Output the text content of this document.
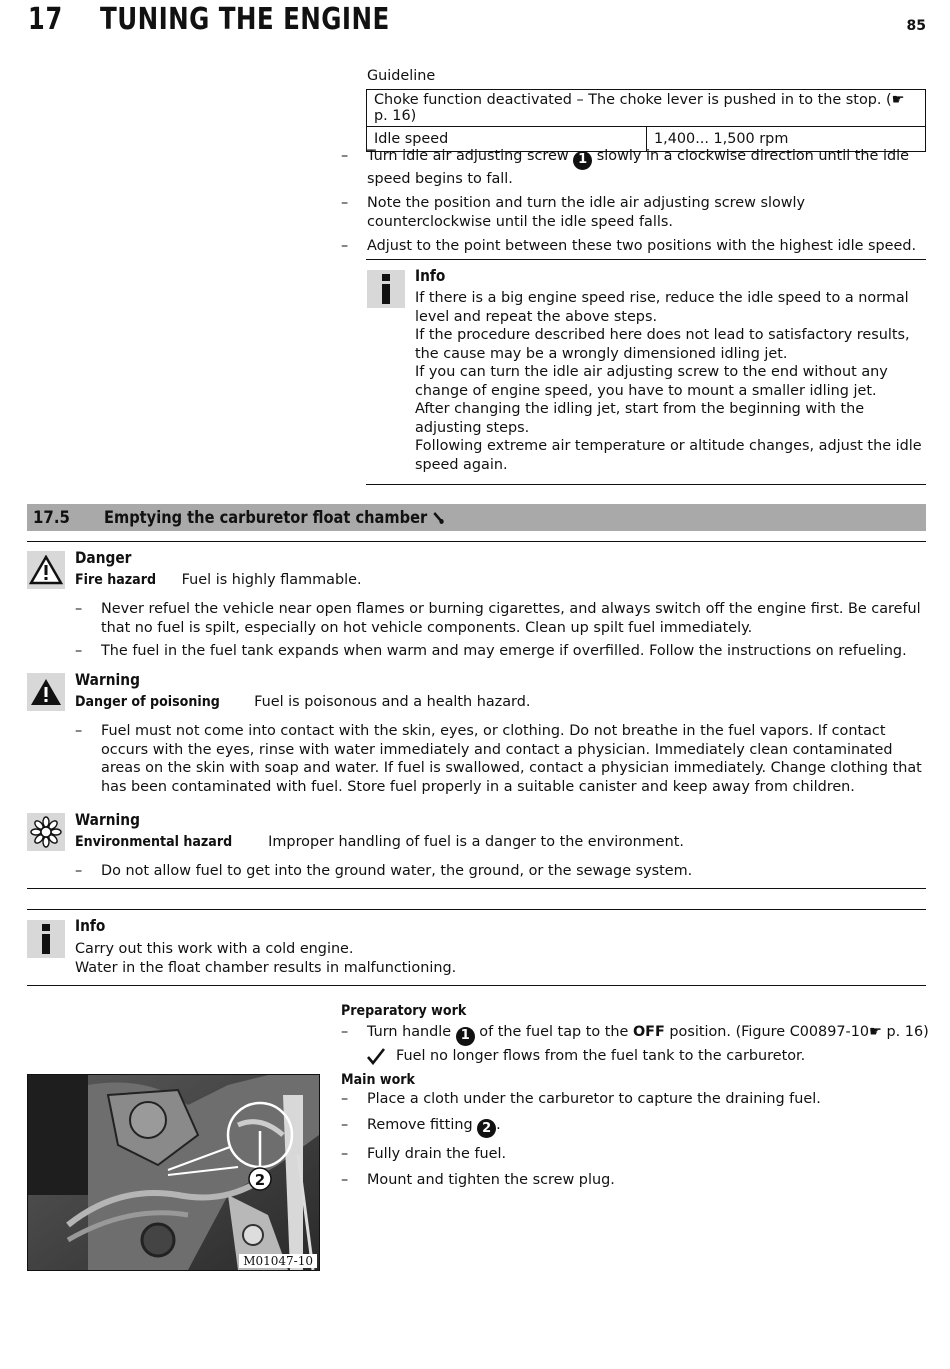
17 TUNING THE ENGINE	85
Guideline
Choke function deactivated – The choke lever is pushed in to the stop. (☛ p. 16)
Idle speed	1,400... 1,500 rpm
–	Turn idle air adjusting screw 1 slowly in a clockwise direction until the idle speed begins to fall.
–	Note the position and turn the idle air adjusting screw slowly counterclockwise until the idle speed falls.
–	Adjust to the point between these two positions with the highest idle speed.
Info
If there is a big engine speed rise, reduce the idle speed to a normal level and repeat the above steps.
If the procedure described here does not lead to satisfactory results, the cause may be a wrongly dimensioned idling jet.
If you can turn the idle air adjusting screw to the end without any change of engine speed, you have to mount a smaller idling jet.
After changing the idling jet, start from the beginning with the adjusting steps.
Following extreme air temperature or altitude changes, adjust the idle speed again.
17.5 Emptying the carburetor float chamber
Danger
Fire hazard Fuel is highly flammable.
–	Never refuel the vehicle near open flames or burning cigarettes, and always switch off the engine first. Be careful that no fuel is spilt, especially on hot vehicle components. Clean up spilt fuel immediately.
–	The fuel in the fuel tank expands when warm and may emerge if overfilled. Follow the instructions on refueling.
Warning
Danger of poisoning Fuel is poisonous and a health hazard.
–	Fuel must not come into contact with the skin, eyes, or clothing. Do not breathe in the fuel vapors. If contact occurs with the eyes, rinse with water immediately and contact a physician. Immediately clean contaminated areas on the skin with soap and water. If fuel is swallowed, contact a physician immediately. Change clothing that has been contaminated with fuel. Store fuel properly in a suitable canister and keep away from children.
Warning
Environmental hazard	Improper handling of fuel is a danger to the environment.
–	Do not allow fuel to get into the ground water, the ground, or the sewage system.
Info
Carry out this work with a cold engine.
Water in the float chamber results in malfunctioning.
Preparatory work
–	Turn handle 1 of the fuel tap to the OFF position. (Figure C00897-10☛ p. 16)
Fuel no longer flows from the fuel tank to the carburetor.
Main work
–	Place a cloth under the carburetor to capture the draining fuel.
–	Remove fitting 2 .
–	Fully drain the fuel.
–	Mount and tighten the screw plug.
2
M01047-10
